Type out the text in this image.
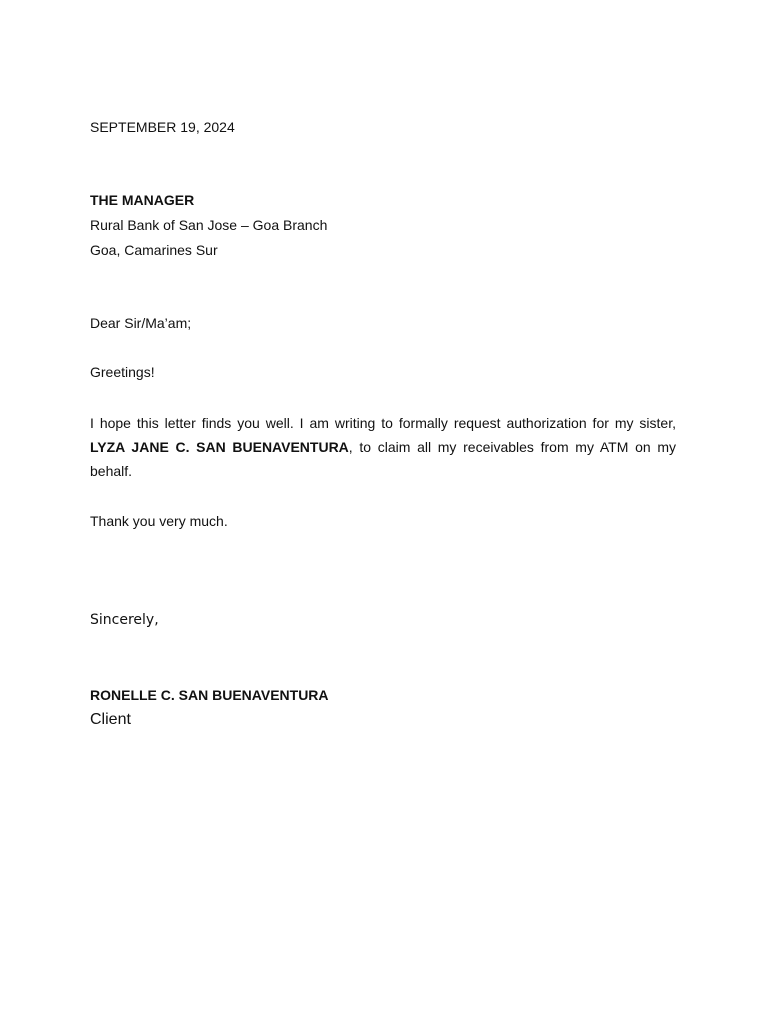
SEPTEMBER 19, 2024
THE MANAGER
Rural Bank of San Jose – Goa Branch
Goa, Camarines Sur
Dear Sir/Ma’am;
Greetings!
I hope this letter finds you well. I am writing to formally request authorization for my sister, LYZA JANE C. SAN BUENAVENTURA, to claim all my receivables from my ATM on my behalf.
Thank you very much.
Sincerely,
RONELLE C. SAN BUENAVENTURA
Client
